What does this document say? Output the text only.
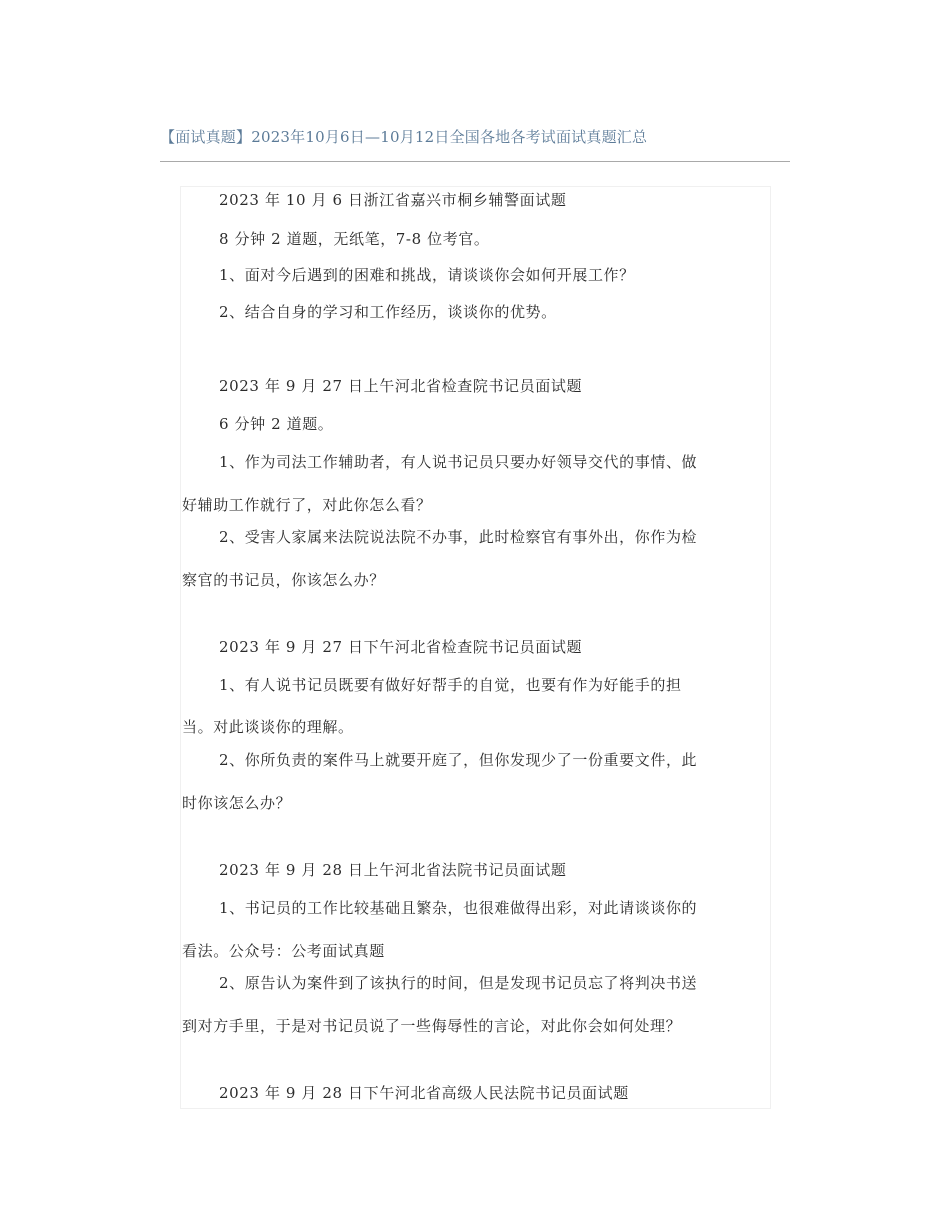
【面试真题】2023年10月6日—10月12日全国各地各考试面试真题汇总
2023 年 10 月 6 日浙江省嘉兴市桐乡辅警面试题
8 分钟 2 道题，无纸笔，7-8 位考官。
1、面对今后遇到的困难和挑战，请谈谈你会如何开展工作？
2、结合自身的学习和工作经历，谈谈你的优势。
2023 年 9 月 27 日上午河北省检查院书记员面试题
6 分钟 2 道题。
1、作为司法工作辅助者，有人说书记员只要办好领导交代的事情、做
好辅助工作就行了，对此你怎么看？
2、受害人家属来法院说法院不办事，此时检察官有事外出，你作为检
察官的书记员，你该怎么办？
2023 年 9 月 27 日下午河北省检查院书记员面试题
1、有人说书记员既要有做好好帮手的自觉，也要有作为好能手的担
当。对此谈谈你的理解。
2、你所负责的案件马上就要开庭了，但你发现少了一份重要文件，此
时你该怎么办？
2023 年 9 月 28 日上午河北省法院书记员面试题
1、书记员的工作比较基础且繁杂，也很难做得出彩，对此请谈谈你的
看法。公众号：公考面试真题
2、原告认为案件到了该执行的时间，但是发现书记员忘了将判决书送
到对方手里，于是对书记员说了一些侮辱性的言论，对此你会如何处理？
2023 年 9 月 28 日下午河北省高级人民法院书记员面试题
